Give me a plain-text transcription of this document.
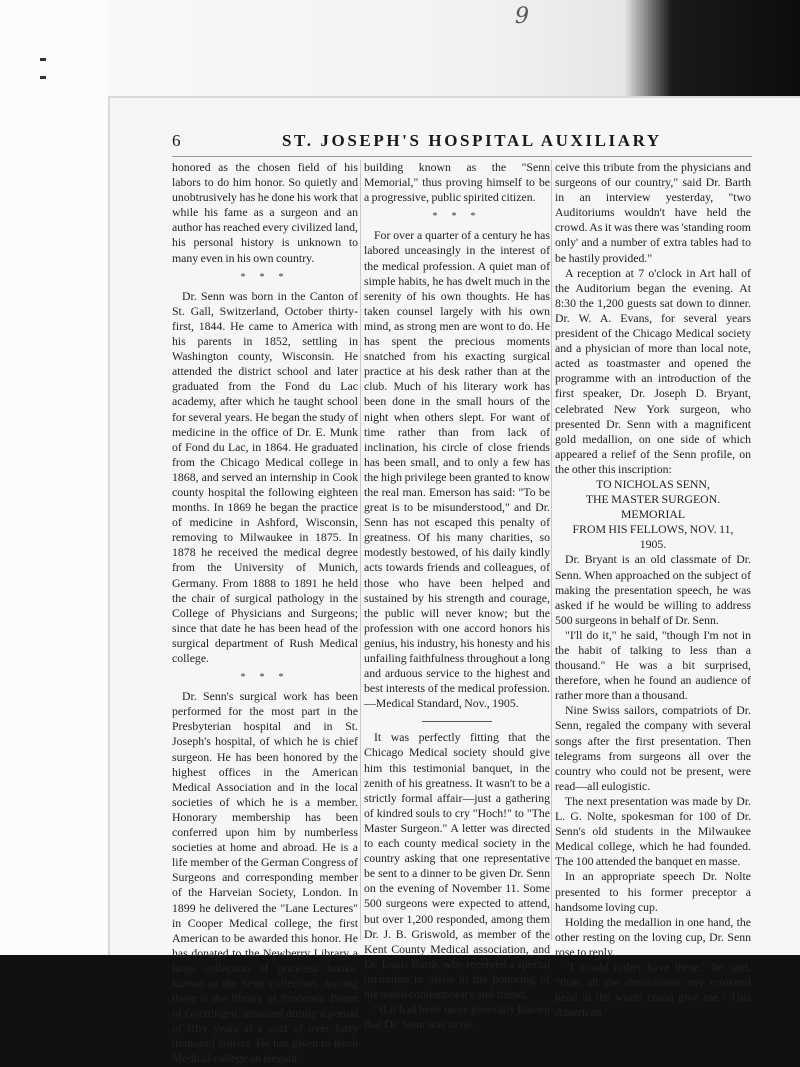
9
6	ST. JOSEPH'S HOSPITAL AUXILIARY

honored as the chosen field of his labors to do him honor. So quietly and unobtrusively has he done his work that while his fame as a surgeon and an author has reached every civilized land, his personal history is unknown to many even in his own country.

* * *

Dr. Senn was born in the Canton of St. Gall, Switzerland, October thirty-first, 1844. He came to America with his parents in 1852, settling in Washington county, Wisconsin. He attended the district school and later graduated from the Fond du Lac academy, after which he taught school for several years. He began the study of medicine in the office of Dr. E. Munk of Fond du Lac, in 1864. He graduated from the Chicago Medical college in 1868, and served an internship in Cook county hospital the following eighteen months. In 1869 he began the practice of medicine in Ashford, Wisconsin, removing to Milwaukee in 1875. In 1878 he received the medical degree from the University of Munich, Germany. From 1888 to 1891 he held the chair of surgical pathology in the College of Physicians and Surgeons; since that date he has been head of the surgical department of Rush Medical college.

* * *

Dr. Senn's surgical work has been performed for the most part in the Presbyterian hospital and in St. Joseph's hospital, of which he is chief surgeon. He has been honored by the highest offices in the American Medical Association and in the local societies of which he is a member. Honorary membership has been conferred upon him by numberless societies at home and abroad. He is a life member of the German Congress of Surgeons and corresponding member of the Harveian Society, London. In 1899 he delivered the "Lane Lectures" in Cooper Medical college, the first American to be awarded this honor. He has donated to the Newberry Library a large collection of priceless books, known as the Senn collection. Among these is the library of Professor Baum of Goettingen, amassed during a period of fifty years at a cost of over forty thousand dollars. He has given to Rush Medical college an elegant

building known as the "Senn Memorial," thus proving himself to be a progressive, public spirited citizen.

* * *

For over a quarter of a century he has labored unceasingly in the interest of the medical profession. A quiet man of simple habits, he has dwelt much in the serenity of his own thoughts. He has taken counsel largely with his own mind, as strong men are wont to do. He has spent the precious moments snatched from his exacting surgical practice at his desk rather than at the club. Much of his literary work has been done in the small hours of the night when others slept. For want of time rather than from lack of inclination, his circle of close friends has been small, and to only a few has the high privilege been granted to know the real man. Emerson has said: "To be great is to be misunderstood," and Dr. Senn has not escaped this penalty of greatness. Of his many charities, so modestly bestowed, of his daily kindly acts towards friends and colleagues, of those who have been helped and sustained by his strength and courage, the public will never know; but the profession with one accord honors his genius, his industry, his honesty and his unfailing faithfulness throughout a long and arduous service to the highest and best interests of the medical profession. —Medical Standard, Nov., 1905.

It was perfectly fitting that the Chicago Medical society should give him this testimonial banquet, in the zenith of his greatness. It wasn't to be a strictly formal affair—just a gathering of kindred souls to cry "Hoch!" to "The Master Surgeon." A letter was directed to each county medical society in the country asking that one representative be sent to a dinner to be given Dr. Senn on the evening of November 11. Some 500 surgeons were expected to attend, but over 1,200 responded, among them Dr. J. B. Griswold, as member of the Kent County Medical association, and Dr. Louis Barth, who received a special invitation to assist in the honoring of his noted contemporary and friend.

"If it had been more generally known that Dr. Senn was to re-

ceive this tribute from the physicians and surgeons of our country," said Dr. Barth in an interview yesterday, "two Auditoriums wouldn't have held the crowd. As it was there was 'standing room only' and a number of extra tables had to be hastily provided."

A reception at 7 o'clock in Art hall of the Auditorium began the evening. At 8:30 the 1,200 guests sat down to dinner. Dr. W. A. Evans, for several years president of the Chicago Medical society and a physician of more than local note, acted as toastmaster and opened the programme with an introduction of the first speaker, Dr. Joseph D. Bryant, celebrated New York surgeon, who presented Dr. Senn with a magnificent gold medallion, on one side of which appeared a relief of the Senn profile, on the other this inscription:

TO NICHOLAS SENN,

THE MASTER SURGEON.

MEMORIAL

FROM HIS FELLOWS, NOV. 11,

1905.

Dr. Bryant is an old classmate of Dr. Senn. When approached on the subject of making the presentation speech, he was asked if he would be willing to address 500 surgeons in behalf of Dr. Senn.

"I'll do it," he said, "though I'm not in the habit of talking to less than a thousand." He was a bit surprised, therefore, when he found an audience of rather more than a thousand.

Nine Swiss sailors, compatriots of Dr. Senn, regaled the company with several songs after the first presentation. Then telegrams from surgeons all over the country who could not be present, were read—all eulogistic.

The next presentation was made by Dr. L. G. Nolte, spokesman for 100 of Dr. Senn's old students in the Milwaukee Medical college, which he had founded. The 100 attended the banquet en masse.

In an appropriate speech Dr. Nolte presented to his former preceptor a handsome loving cup.

Holding the medallion in one hand, the other resting on the loving cup, Dr. Senn rose to reply.

"I would rather have these," he said, "than all the decorations any crowned head in the world could give me." This American
